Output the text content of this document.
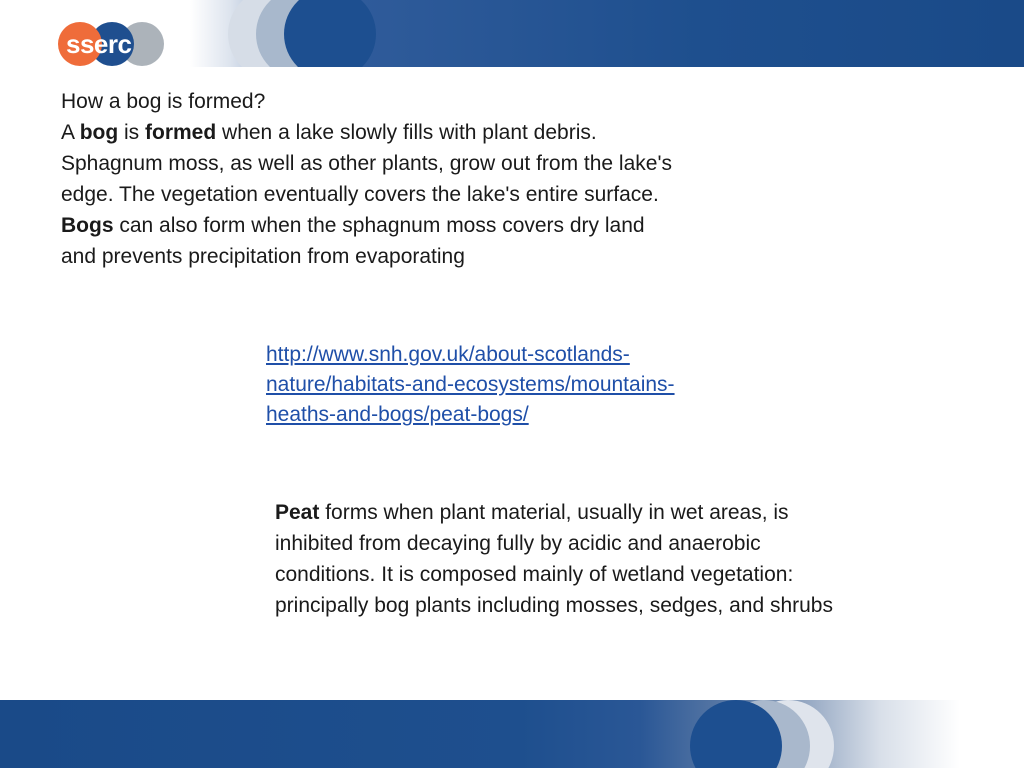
sserc

How a bog is formed?

A bog is formed when a lake slowly fills with plant debris.

Sphagnum moss, as well as other plants, grow out from the lake's

edge. The vegetation eventually covers the lake's entire surface.

Bogs can also form when the sphagnum moss covers dry land

and prevents precipitation from evaporating

http://www.snh.gov.uk/about-scotlands-
nature/habitats-and-ecosystems/mountains-
heaths-and-bogs/peat-bogs/
Peat forms when plant material, usually in wet areas, is
inhibited from decaying fully by acidic and anaerobic
conditions. It is composed mainly of wetland vegetation:
principally bog plants including mosses, sedges, and shrubs
